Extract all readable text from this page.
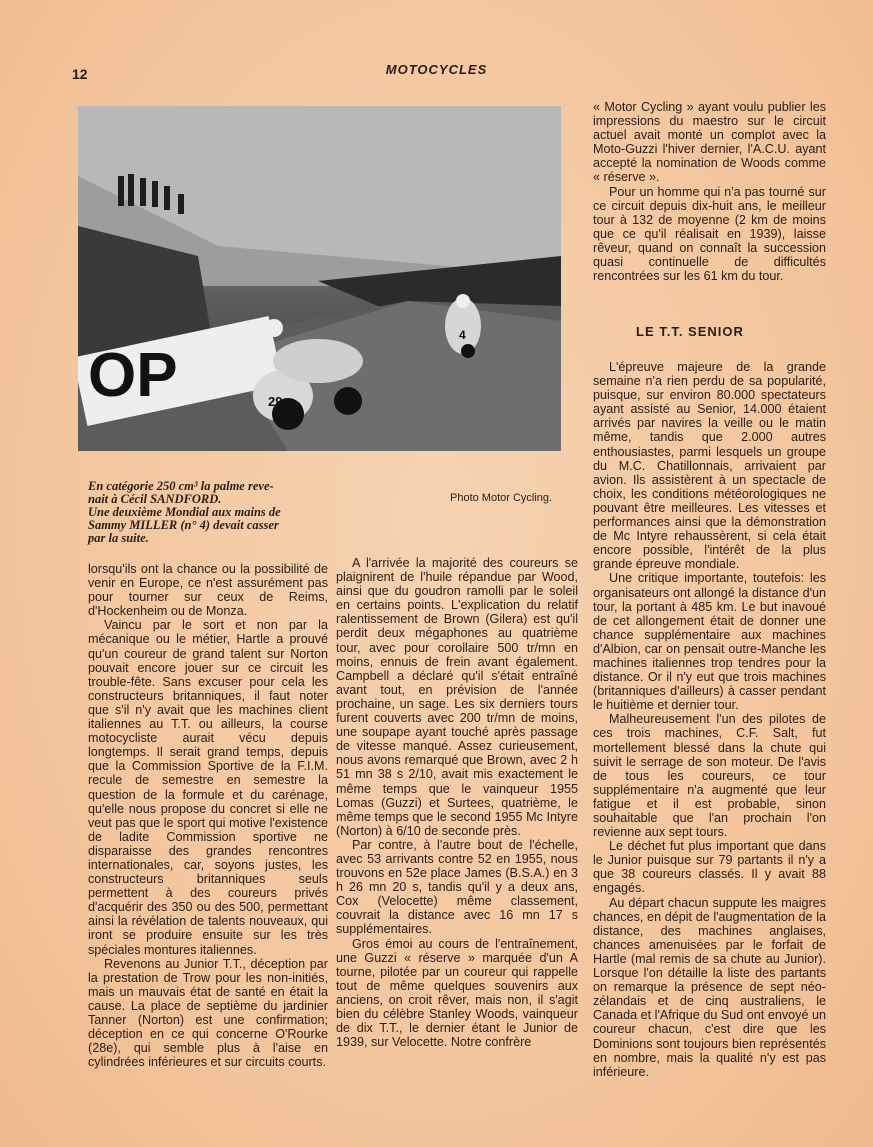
12	MOTOCYCLES
OP	29
4
En catégorie 250 cm³ la palme reve-
nait à Cécil SANDFORD.
Une deuxième Mondial aux mains de
Sammy MILLER (n° 4) devait casser
par la suite.
Photo Motor Cycling.

lorsqu'ils ont la chance ou la possibilité de venir en Europe, ce n'est assurément pas pour tourner sur ceux de Reims, d'Hockenheim ou de Monza.

Vaincu par le sort et non par la mécanique ou le métier, Hartle a prouvé qu'un coureur de grand talent sur Norton pouvait encore jouer sur ce circuit les trouble-fête. Sans excuser pour cela les constructeurs britanniques, il faut noter que s'il n'y avait que les machines client italiennes au T.T. ou ailleurs, la course motocycliste aurait vécu depuis longtemps. Il serait grand temps, depuis que la Commission Sportive de la F.I.M. recule de semestre en semestre la question de la formule et du carénage, qu'elle nous propose du concret si elle ne veut pas que le sport qui motive l'existence de ladite Commission sportive ne disparaisse des grandes rencontres internationales, car, soyons justes, les constructeurs britanniques seuls permettent à des coureurs privés d'acquérir des 350 ou des 500, permettant ainsi la révélation de talents nouveaux, qui iront se produire ensuite sur les très spéciales montures italiennes.

Revenons au Junior T.T., déception par la prestation de Trow pour les non-initiés, mais un mauvais état de santé en était la cause. La place de septième du jardinier Tanner (Norton) est une confirmation; déception en ce qui concerne O'Rourke (28e), qui semble plus à l'aise en cylindrées inférieures et sur circuits courts.

A l'arrivée la majorité des coureurs se plaignirent de l'huile répandue par Wood, ainsi que du goudron ramolli par le soleil en certains points. L'explication du relatif ralentissement de Brown (Gilera) est qu'il perdit deux mégaphones au quatrième tour, avec pour corollaire 500 tr/mn en moins, ennuis de frein avant également. Campbell a déclaré qu'il s'était entraîné avant tout, en prévision de l'année prochaine, un sage. Les six derniers tours furent couverts avec 200 tr/mn de moins, une soupape ayant touché après passage de vitesse manqué. Assez curieusement, nous avons remarqué que Brown, avec 2 h 51 mn 38 s 2/10, avait mis exactement le même temps que le vainqueur 1955 Lomas (Guzzi) et Surtees, quatrième, le même temps que le second 1955 Mc Intyre (Norton) à 6/10 de seconde près.

Par contre, à l'autre bout de l'échelle, avec 53 arrivants contre 52 en 1955, nous trouvons en 52e place James (B.S.A.) en 3 h 26 mn 20 s, tandis qu'il y a deux ans, Cox (Velocette) même classement, couvrait la distance avec 16 mn 17 s supplémentaires.

Gros émoi au cours de l'entraînement, une Guzzi « réserve » marquée d'un A tourne, pilotée par un coureur qui rappelle tout de même quelques souvenirs aux anciens, on croit rêver, mais non, il s'agit bien du célèbre Stanley Woods, vainqueur de dix T.T., le dernier étant le Junior de 1939, sur Velocette. Notre confrère

« Motor Cycling » ayant voulu publier les impressions du maestro sur le circuit actuel avait monté un complot avec la Moto-Guzzi l'hiver dernier, l'A.C.U. ayant accepté la nomination de Woods comme « réserve ».

Pour un homme qui n'a pas tourné sur ce circuit depuis dix-huit ans, le meilleur tour à 132 de moyenne (2 km de moins que ce qu'il réalisait en 1939), laisse rêveur, quand on connaît la succession quasi continuelle de difficultés rencontrées sur les 61 km du tour.

LE T.T. SENIOR

L'épreuve majeure de la grande semaine n'a rien perdu de sa popularité, puisque, sur environ 80.000 spectateurs ayant assisté au Senior, 14.000 étaient arrivés par navires la veille ou le matin même, tandis que 2.000 autres enthousiastes, parmi lesquels un groupe du M.C. Chatillonnais, arrivaient par avion. Ils assistèrent à un spectacle de choix, les conditions météorologiques ne pouvant être meilleures. Les vitesses et performances ainsi que la démonstration de Mc Intyre rehaussèrent, si cela était encore possible, l'intérêt de la plus grande épreuve mondiale.

Une critique importante, toutefois: les organisateurs ont allongé la distance d'un tour, la portant à 485 km. Le but inavoué de cet allongement était de donner une chance supplémentaire aux machines d'Albion, car on pensait outre-Manche les machines italiennes trop tendres pour la distance. Or il n'y eut que trois machines (britanniques d'ailleurs) à casser pendant le huitième et dernier tour.

Malheureusement l'un des pilotes de ces trois machines, C.F. Salt, fut mortellement blessé dans la chute qui suivit le serrage de son moteur. De l'avis de tous les coureurs, ce tour supplémentaire n'a augmenté que leur fatigue et il est probable, sinon souhaitable que l'an prochain l'on revienne aux sept tours.

Le déchet fut plus important que dans le Junior puisque sur 79 partants il n'y a que 38 coureurs classés. Il y avait 88 engagés.

Au départ chacun suppute les maigres chances, en dépit de l'augmentation de la distance, des machines anglaises, chances amenuisées par le forfait de Hartle (mal remis de sa chute au Junior). Lorsque l'on détaille la liste des partants on remarque la présence de sept néo-zélandais et de cinq australiens, le Canada et l'Afrique du Sud ont envoyé un coureur chacun, c'est dire que les Dominions sont toujours bien représentés en nombre, mais la qualité n'y est pas inférieure.
